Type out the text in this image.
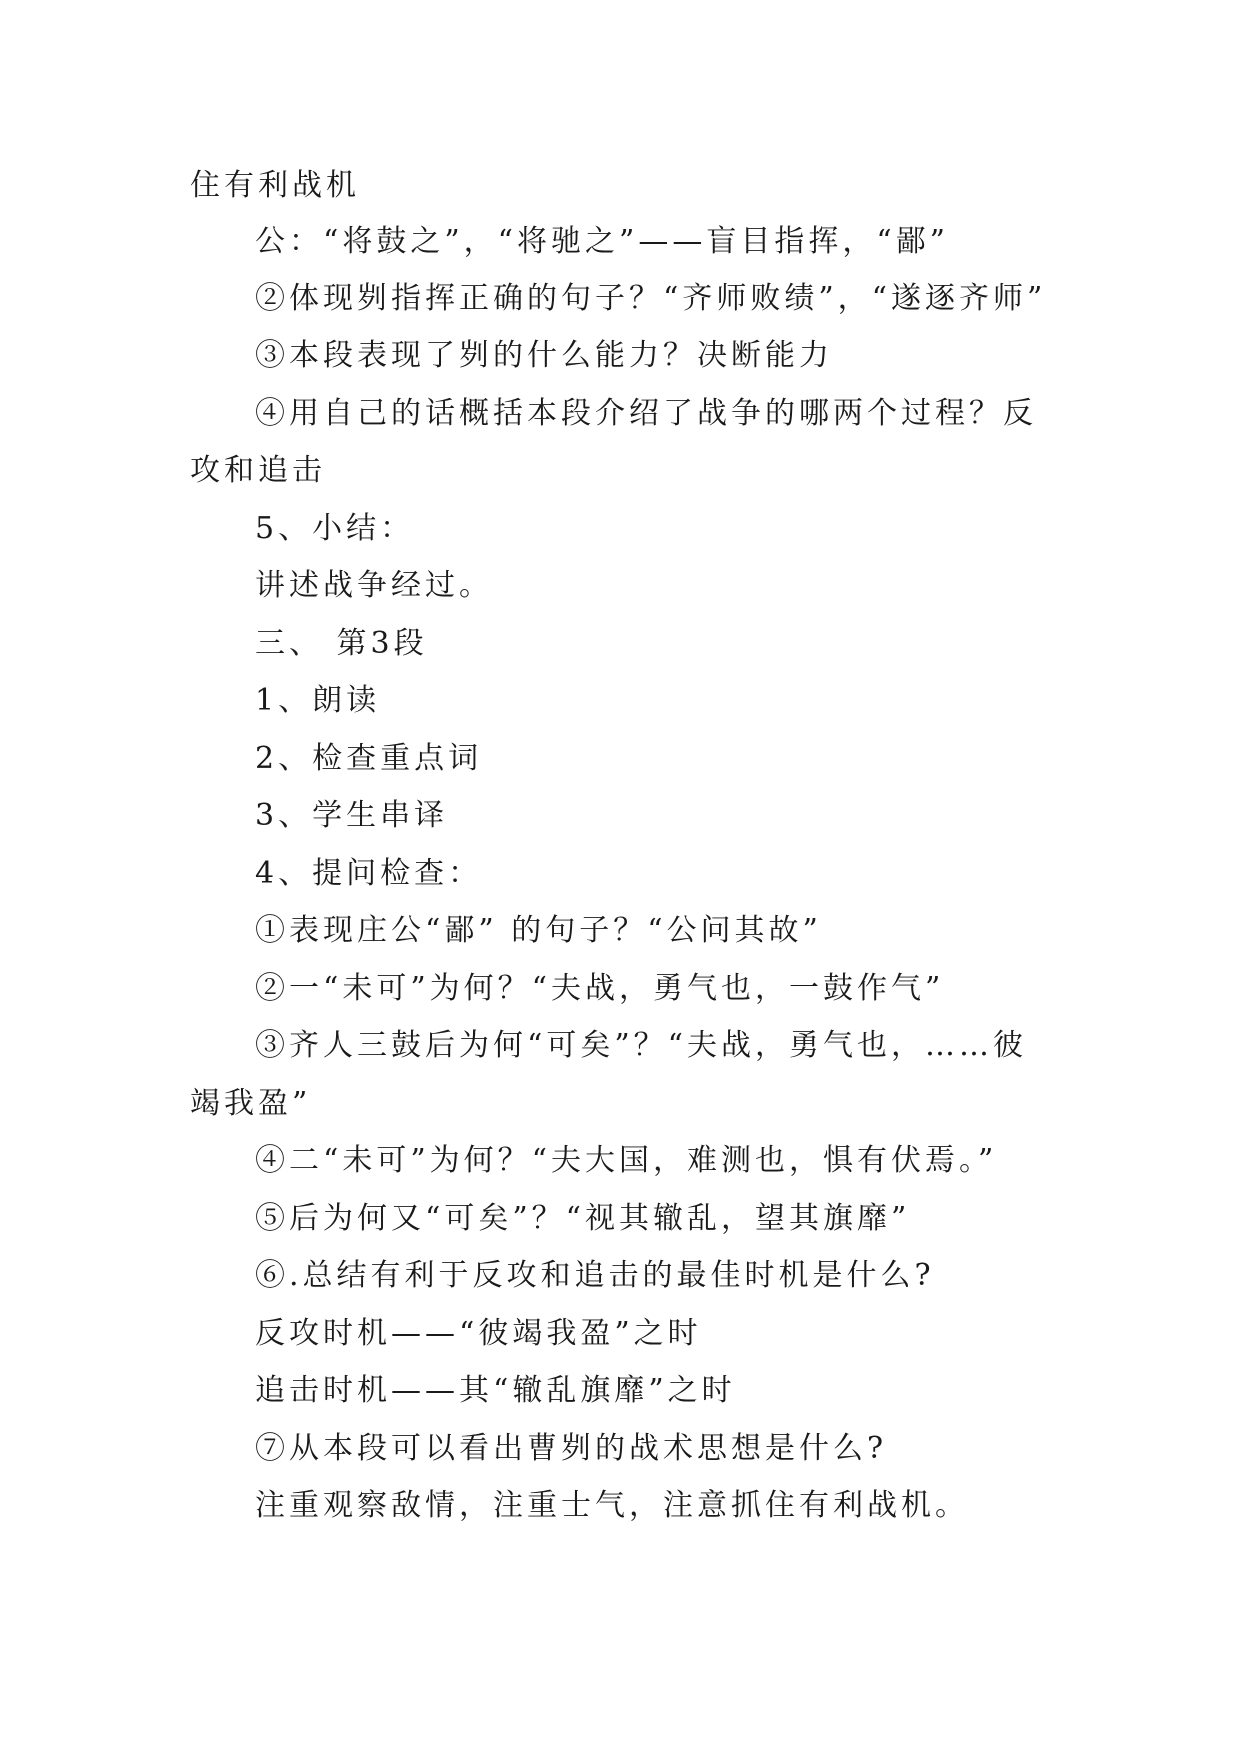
住有利战机
公：“将鼓之”，“将驰之”——盲目指挥，“鄙”
②体现刿指挥正确的句子？“齐师败绩”，“遂逐齐师”
③本段表现了刿的什么能力？决断能力
④用自己的话概括本段介绍了战争的哪两个过程？反
攻和追击
5、小结：
讲述战争经过。
三、 第3段
1、朗读
2、检查重点词
3、学生串译
4、提问检查：
①表现庄公“鄙” 的句子？“公问其故”
②一“未可”为何？“夫战，勇气也，一鼓作气”
③齐人三鼓后为何“可矣”？“夫战，勇气也，……彼
竭我盈”
④二“未可”为何？“夫大国，难测也，惧有伏焉。”
⑤后为何又“可矣”？“视其辙乱，望其旗靡”
⑥.总结有利于反攻和追击的最佳时机是什么?
反攻时机——“彼竭我盈”之时
追击时机——其“辙乱旗靡”之时
⑦从本段可以看出曹刿的战术思想是什么?
注重观察敌情，注重士气，注意抓住有利战机。
